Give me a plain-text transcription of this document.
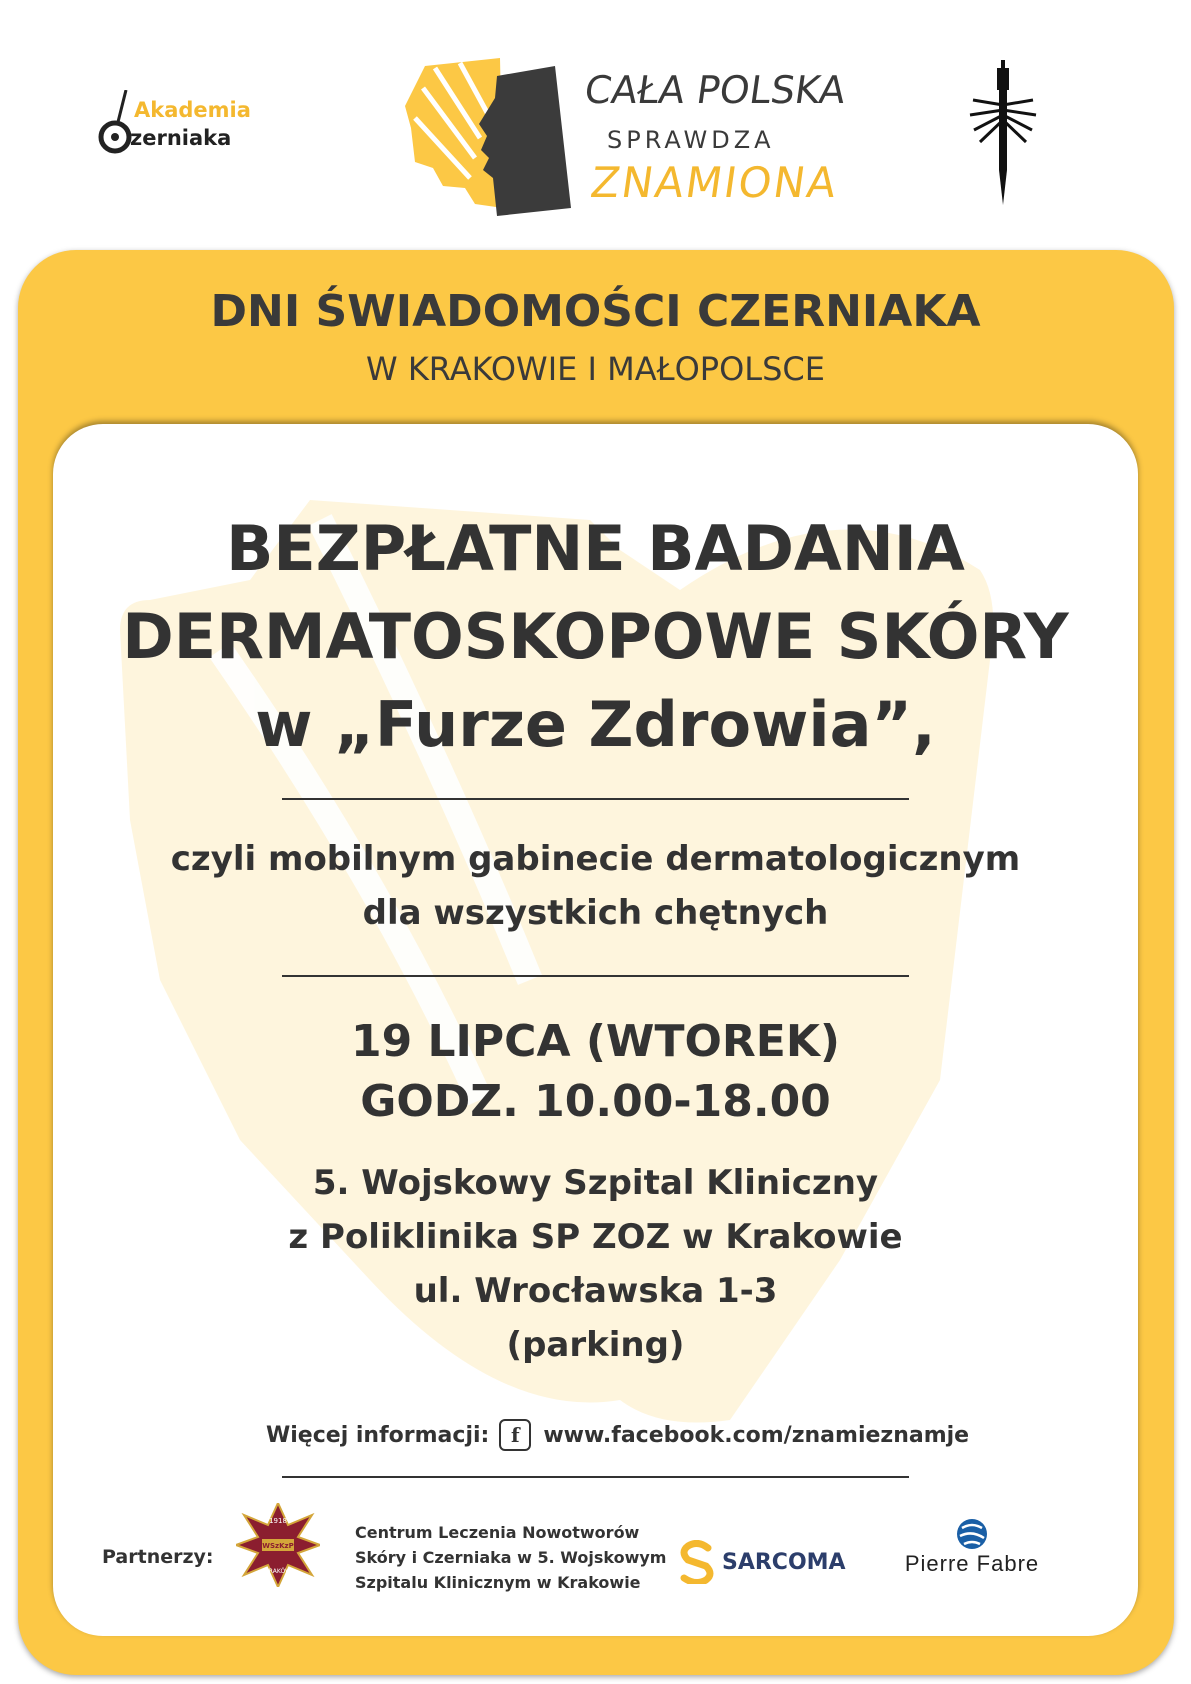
Akademia
zerniaka
CAŁA POLSKA
SPRAWDZA
ZNAMIONA
DNI ŚWIADOMOŚCI CZERNIAKA
W KRAKOWIE I MAŁOPOLSCE
BEZPŁATNE BADANIA
DERMATOSKOPOWE SKÓRY
w „Furze Zdrowia”,
czyli mobilnym gabinecie dermatologicznym
dla wszystkich chętnych
19 LIPCA (WTOREK)
GODZ. 10.00-18.00
5. Wojskowy Szpital Kliniczny
z Poliklinika SP ZOZ w Krakowie
ul. Wrocławska 1-3
(parking)
Więcej informacji:	f	www.facebook.com/znamieznamje
Partnerzy:
1918
WSzKzP
KRAKÓW
Centrum Leczenia Nowotworów
Skóry i Czerniaka w 5. Wojskowym
Szpitalu Klinicznym w Krakowie
SARCOMA	Pierre Fabre
